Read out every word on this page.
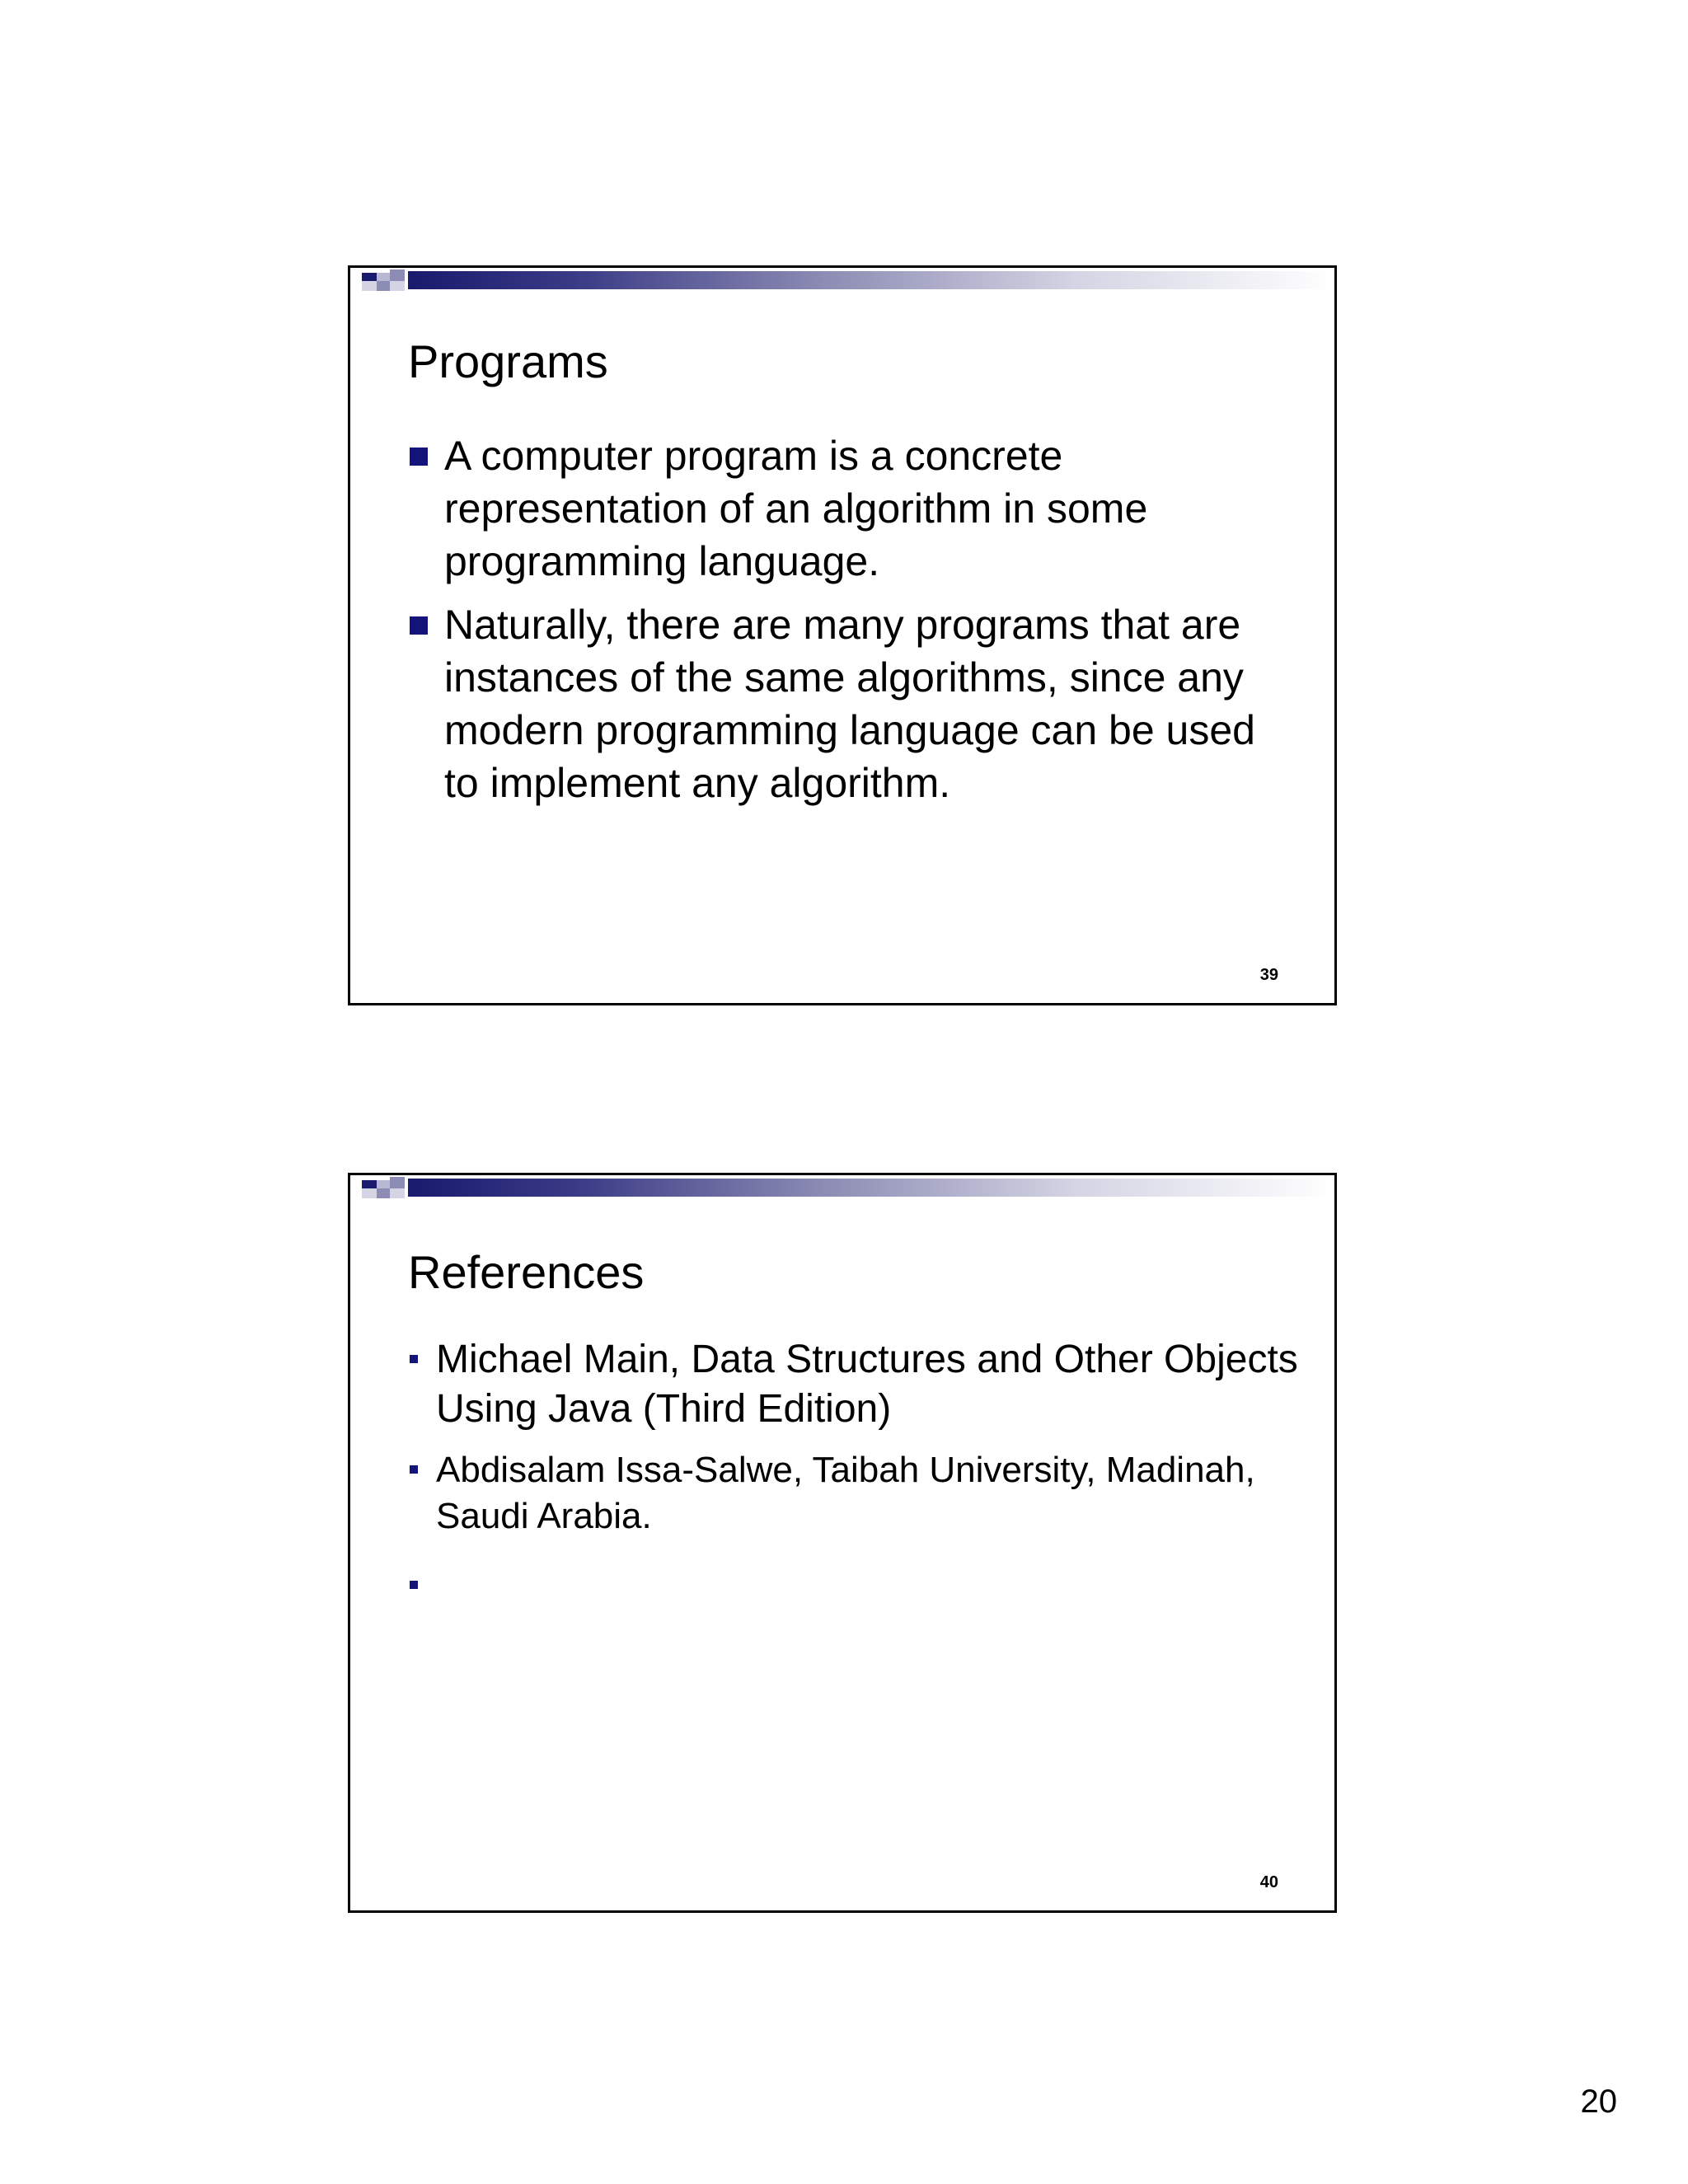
Programs
A computer program is a concrete representation of an algorithm in some programming language.
Naturally, there are many programs that are instances of the same algorithms, since any modern programming language can be used to implement any algorithm.
39
References
Michael Main, Data Structures and Other Objects Using Java (Third Edition)
Abdisalam Issa-Salwe, Taibah University, Madinah, Saudi Arabia.
40
20
